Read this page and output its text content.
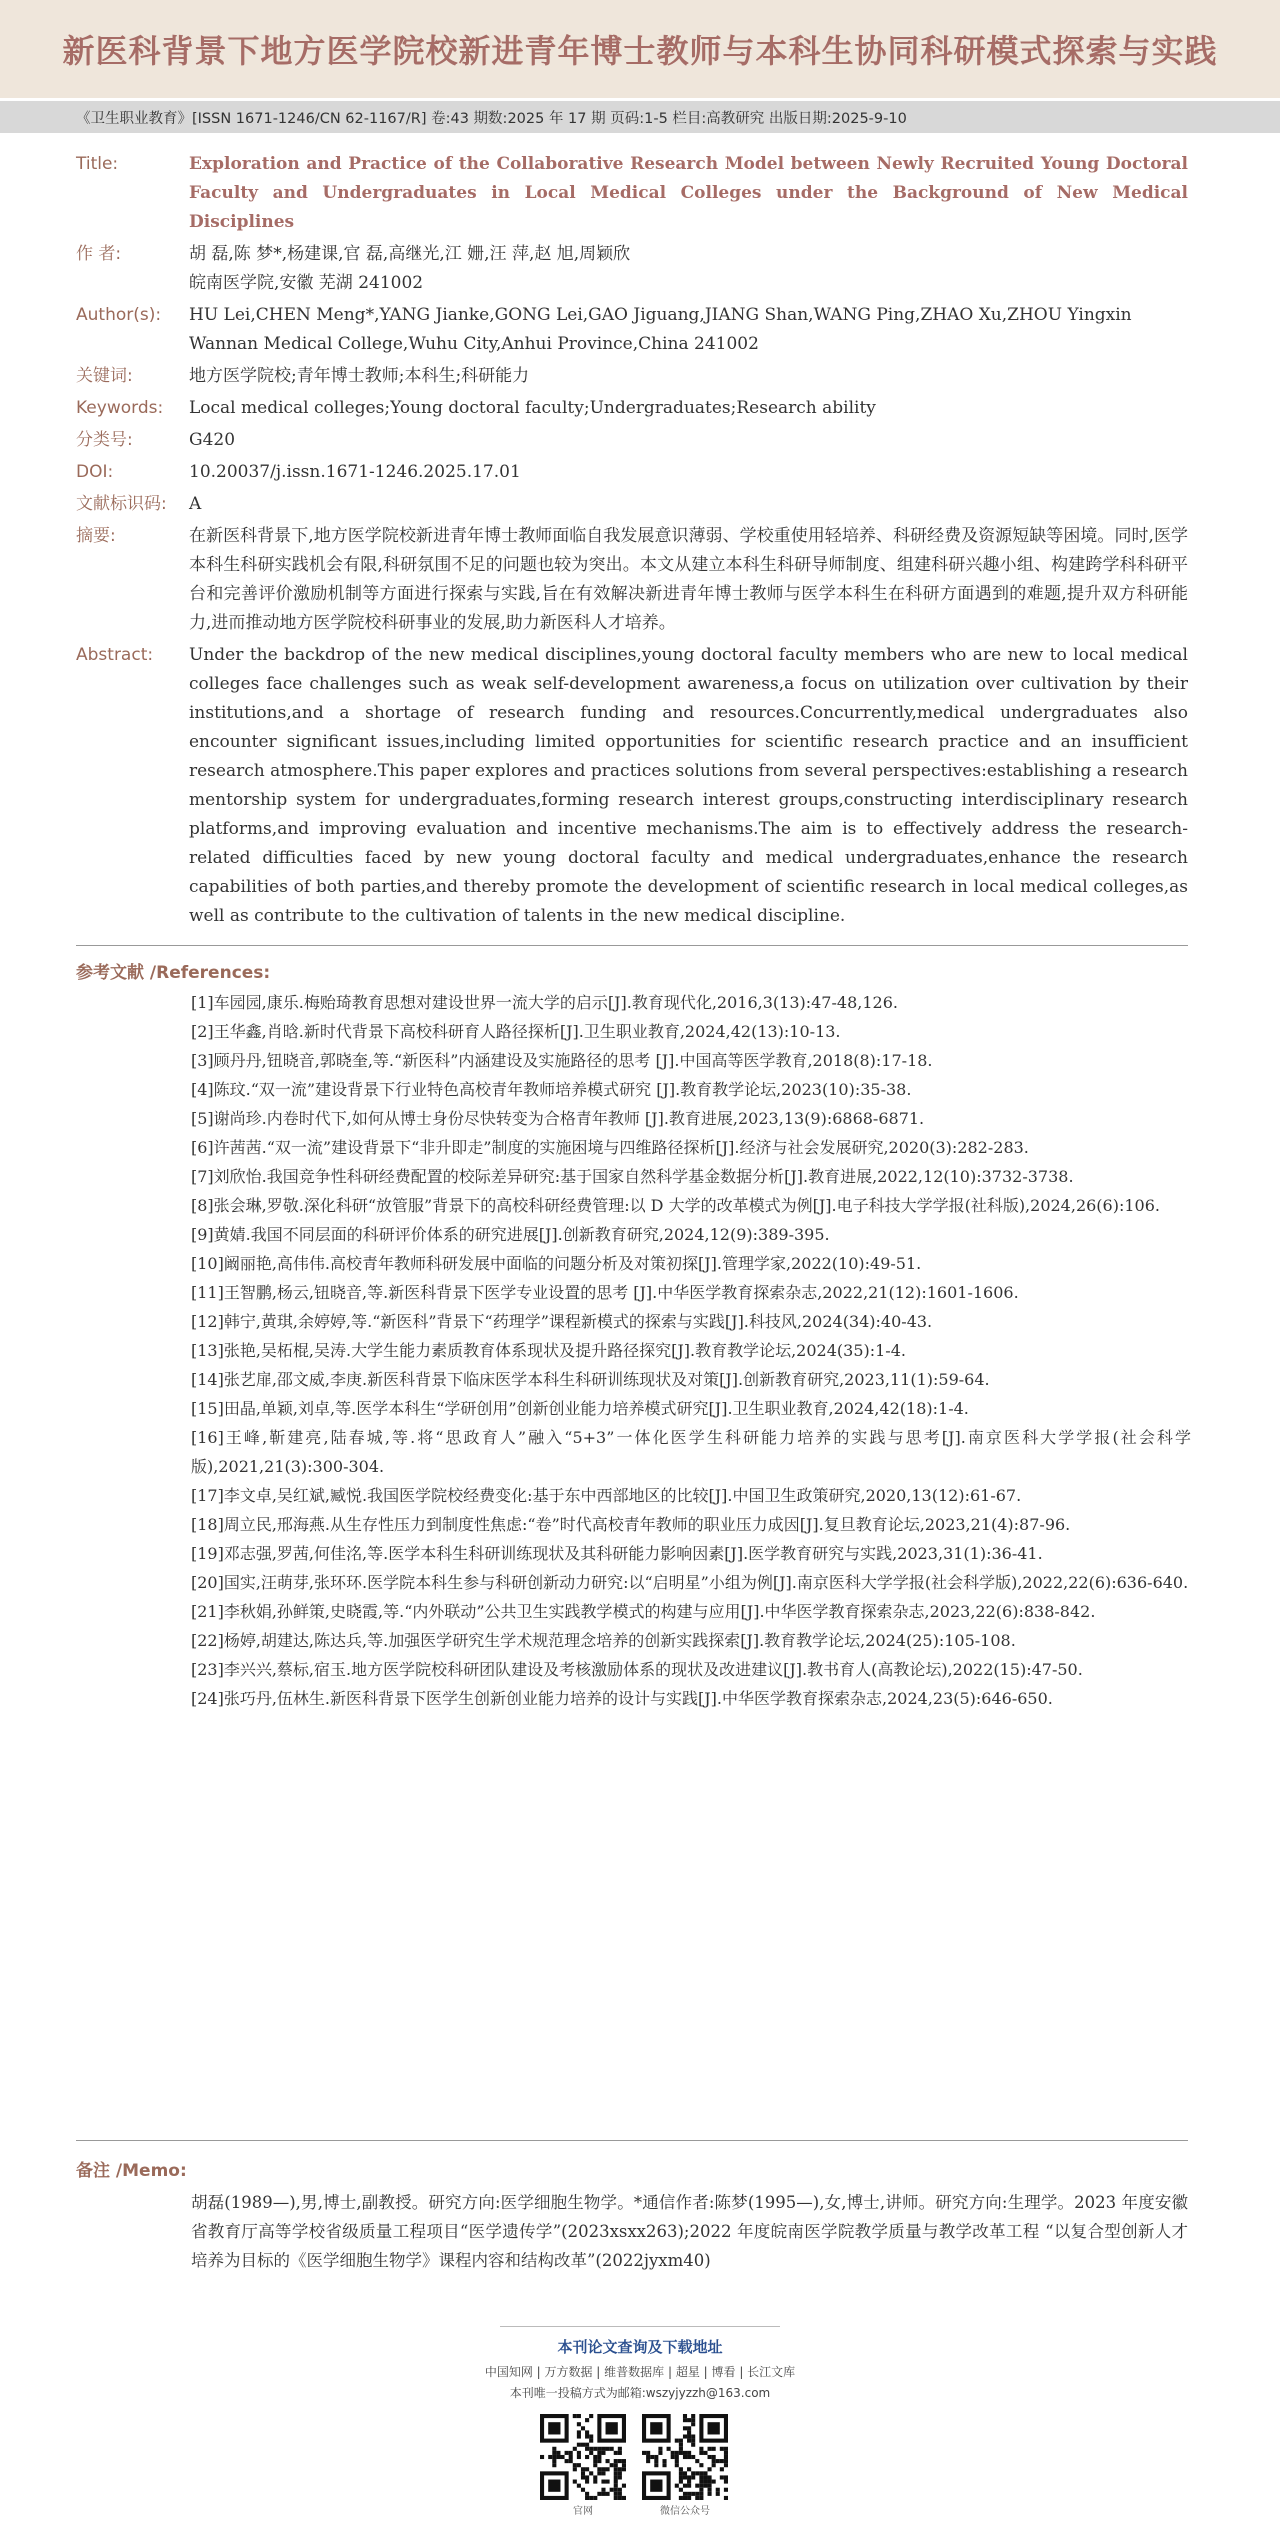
新医科背景下地方医学院校新进青年博士教师与本科生协同科研模式探索与实践
《卫生职业教育》[ISSN 1671-1246/CN 62-1167/R] 卷:43 期数:2025 年 17 期 页码:1-5 栏目:高教研究 出版日期:2025-9-10
Title:	Exploration and Practice of the Collaborative Research Model between Newly Recruited Young Doctoral Faculty and Undergraduates in Local Medical Colleges under the Background of New Medical Disciplines
作 者:	胡 磊,陈 梦*,杨建课,官 磊,高继光,江 姗,汪 萍,赵 旭,周颖欣

皖南医学院,安徽 芜湖 241002

Author(s):	HU Lei,CHEN Meng*,YANG Jianke,GONG Lei,GAO Jiguang,JIANG Shan,WANG Ping,ZHAO Xu,ZHOU Yingxin

Wannan Medical College,Wuhu City,Anhui Province,China 241002

关键词:	地方医学院校;青年博士教师;本科生;科研能力
Keywords:	Local medical colleges;Young doctoral faculty;Undergraduates;Research ability
分类号:	G420
DOI:	10.20037/j.issn.1671-1246.2025.17.01
文献标识码:	A
摘要:	在新医科背景下,地方医学院校新进青年博士教师面临自我发展意识薄弱、学校重使用轻培养、科研经费及资源短缺等困境。同时,医学本科生科研实践机会有限,科研氛围不足的问题也较为突出。本文从建立本科生科研导师制度、组建科研兴趣小组、构建跨学科科研平台和完善评价激励机制等方面进行探索与实践,旨在有效解决新进青年博士教师与医学本科生在科研方面遇到的难题,提升双方科研能力,进而推动地方医学院校科研事业的发展,助力新医科人才培养。
Abstract:	Under the backdrop of the new medical disciplines,young doctoral faculty members who are new to local medical colleges face challenges such as weak self-development awareness,a focus on utilization over cultivation by their institutions,and a shortage of research funding and resources.Concurrently,medical undergraduates also encounter significant issues,including limited opportunities for scientific research practice and an insufficient research atmosphere.This paper explores and practices solutions from several perspectives:establishing a research mentorship system for undergraduates,forming research interest groups,constructing interdisciplinary research platforms,and improving evaluation and incentive mechanisms.The aim is to effectively address the research-related difficulties faced by new young doctoral faculty and medical undergraduates,enhance the research capabilities of both parties,and thereby promote the development of scientific research in local medical colleges,as well as contribute to the cultivation of talents in the new medical discipline.
参考文献 /References:
[1]车园园,康乐.梅贻琦教育思想对建设世界一流大学的启示[J].教育现代化,2016,3(13):47-48,126.
[2]王华鑫,肖晗.新时代背景下高校科研育人路径探析[J].卫生职业教育,2024,42(13):10-13.
[3]顾丹丹,钮晓音,郭晓奎,等.“新医科”内涵建设及实施路径的思考 [J].中国高等医学教育,2018(8):17-18.
[4]陈玟.“双一流”建设背景下行业特色高校青年教师培养模式研究 [J].教育教学论坛,2023(10):35-38.
[5]谢尚珍.内卷时代下,如何从博士身份尽快转变为合格青年教师 [J].教育进展,2023,13(9):6868-6871.
[6]许茜茜.“双一流”建设背景下“非升即走”制度的实施困境与四维路径探析[J].经济与社会发展研究,2020(3):282-283.
[7]刘欣怡.我国竞争性科研经费配置的校际差异研究:基于国家自然科学基金数据分析[J].教育进展,2022,12(10):3732-3738.
[8]张会琳,罗敬.深化科研“放管服”背景下的高校科研经费管理:以 D 大学的改革模式为例[J].电子科技大学学报(社科版),2024,26(6):106.
[9]黄婧.我国不同层面的科研评价体系的研究进展[J].创新教育研究,2024,12(9):389-395.
[10]阚丽艳,高伟伟.高校青年教师科研发展中面临的问题分析及对策初探[J].管理学家,2022(10):49-51.
[11]王智鹏,杨云,钮晓音,等.新医科背景下医学专业设置的思考 [J].中华医学教育探索杂志,2022,21(12):1601-1606.
[12]韩宁,黄琪,余婷婷,等.“新医科”背景下“药理学”课程新模式的探索与实践[J].科技风,2024(34):40-43.
[13]张艳,吴柘棍,吴涛.大学生能力素质教育体系现状及提升路径探究[J].教育教学论坛,2024(35):1-4.
[14]张艺扉,邵文威,李庚.新医科背景下临床医学本科生科研训练现状及对策[J].创新教育研究,2023,11(1):59-64.
[15]田晶,单颖,刘卓,等.医学本科生“学研创用”创新创业能力培养模式研究[J].卫生职业教育,2024,42(18):1-4.
[16]王峰,靳建亮,陆春城,等.将“思政育人”融入“5+3”一体化医学生科研能力培养的实践与思考[J].南京医科大学学报(社会科学版),2021,21(3):300-304.
[17]李文卓,吴红斌,臧悦.我国医学院校经费变化:基于东中西部地区的比较[J].中国卫生政策研究,2020,13(12):61-67.
[18]周立民,邢海燕.从生存性压力到制度性焦虑:“卷”时代高校青年教师的职业压力成因[J].复旦教育论坛,2023,21(4):87-96.
[19]邓志强,罗茜,何佳洺,等.医学本科生科研训练现状及其科研能力影响因素[J].医学教育研究与实践,2023,31(1):36-41.
[20]国实,汪萌芽,张环环.医学院本科生参与科研创新动力研究:以“启明星”小组为例[J].南京医科大学学报(社会科学版),2022,22(6):636-640.
[21]李秋娟,孙鲜策,史晓霞,等.“内外联动”公共卫生实践教学模式的构建与应用[J].中华医学教育探索杂志,2023,22(6):838-842.
[22]杨婷,胡建达,陈达兵,等.加强医学研究生学术规范理念培养的创新实践探索[J].教育教学论坛,2024(25):105-108.
[23]李兴兴,蔡标,宿玉.地方医学院校科研团队建设及考核激励体系的现状及改进建议[J].教书育人(高教论坛),2022(15):47-50.
[24]张巧丹,伍林生.新医科背景下医学生创新创业能力培养的设计与实践[J].中华医学教育探索杂志,2024,23(5):646-650.
备注 /Memo:
胡磊(1989—),男,博士,副教授。研究方向:医学细胞生物学。*通信作者:陈梦(1995—),女,博士,讲师。研究方向:生理学。2023 年度安徽省教育厅高等学校省级质量工程项目“医学遗传学”(2023xsxx263);2022 年度皖南医学院教学质量与教学改革工程 “以复合型创新人才培养为目标的《医学细胞生物学》课程内容和结构改革”(2022jyxm40)
本刊论文查询及下载地址
中国知网 | 万方数据 | 维普数据库 | 超星 | 博看 | 长江文库
本刊唯一投稿方式为邮箱:wszyjyzzh@163.com
官网	微信公众号
